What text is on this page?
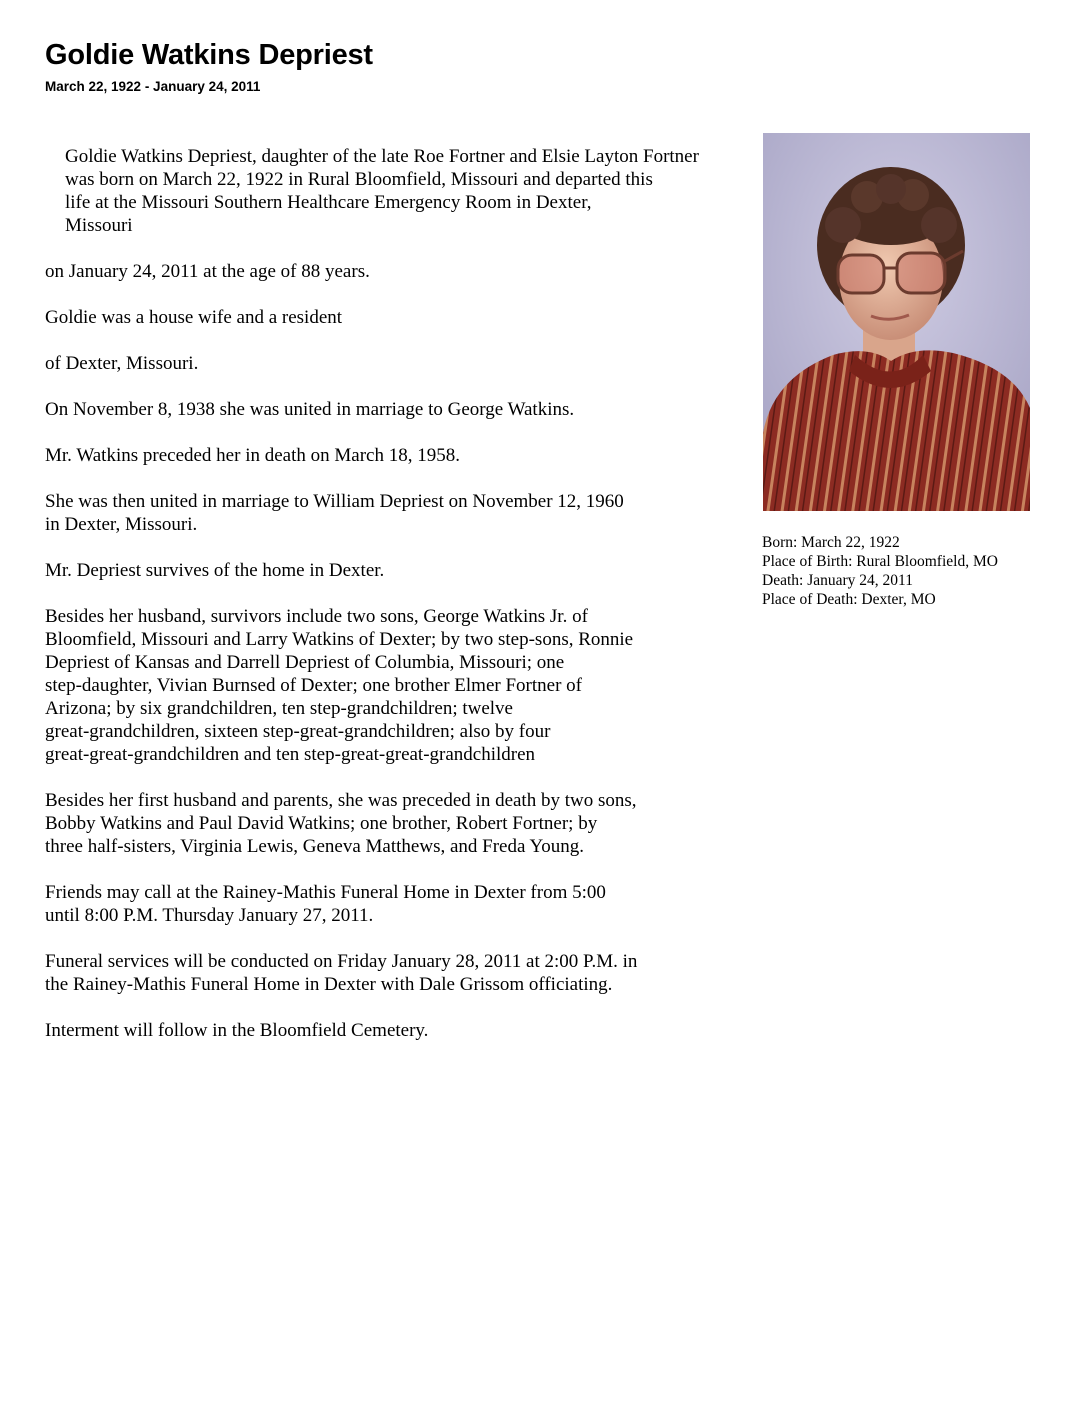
Goldie Watkins Depriest
March 22, 1922 - January 24, 2011

Goldie Watkins Depriest, daughter of the late Roe Fortner and Elsie Layton Fortner
was born on March 22, 1922 in Rural Bloomfield, Missouri and departed this
life at the Missouri Southern Healthcare Emergency Room in Dexter,
Missouri

on January 24, 2011 at the age of 88 years.

Goldie was a house wife and a resident

of Dexter, Missouri.

On November 8, 1938 she was united in marriage to George Watkins.

Mr. Watkins preceded her in death on March 18, 1958.

She was then united in marriage to William Depriest on November 12, 1960
in Dexter, Missouri.

Mr. Depriest survives of the home in Dexter.

Besides her husband, survivors include two sons, George Watkins Jr. of
Bloomfield, Missouri and Larry Watkins of Dexter; by two step-sons, Ronnie
Depriest of Kansas and Darrell Depriest of Columbia, Missouri; one
step-daughter, Vivian Burnsed of Dexter; one brother Elmer Fortner of
Arizona; by six grandchildren, ten step-grandchildren; twelve
great-grandchildren, sixteen step-great-grandchildren; also by four
great-great-grandchildren and ten step-great-great-grandchildren

Besides her first husband and parents, she was preceded in death by two sons,
Bobby Watkins and Paul David Watkins; one brother, Robert Fortner; by
three half-sisters, Virginia Lewis, Geneva Matthews, and Freda Young.

Friends may call at the Rainey-Mathis Funeral Home in Dexter from 5:00
until 8:00 P.M. Thursday January 27, 2011.

Funeral services will be conducted on Friday January 28, 2011 at 2:00 P.M. in
the Rainey-Mathis Funeral Home in Dexter with Dale Grissom officiating.

Interment will follow in the Bloomfield Cemetery.

Born: March 22, 1922
Place of Birth: Rural Bloomfield, MO
Death: January 24, 2011
Place of Death: Dexter, MO
